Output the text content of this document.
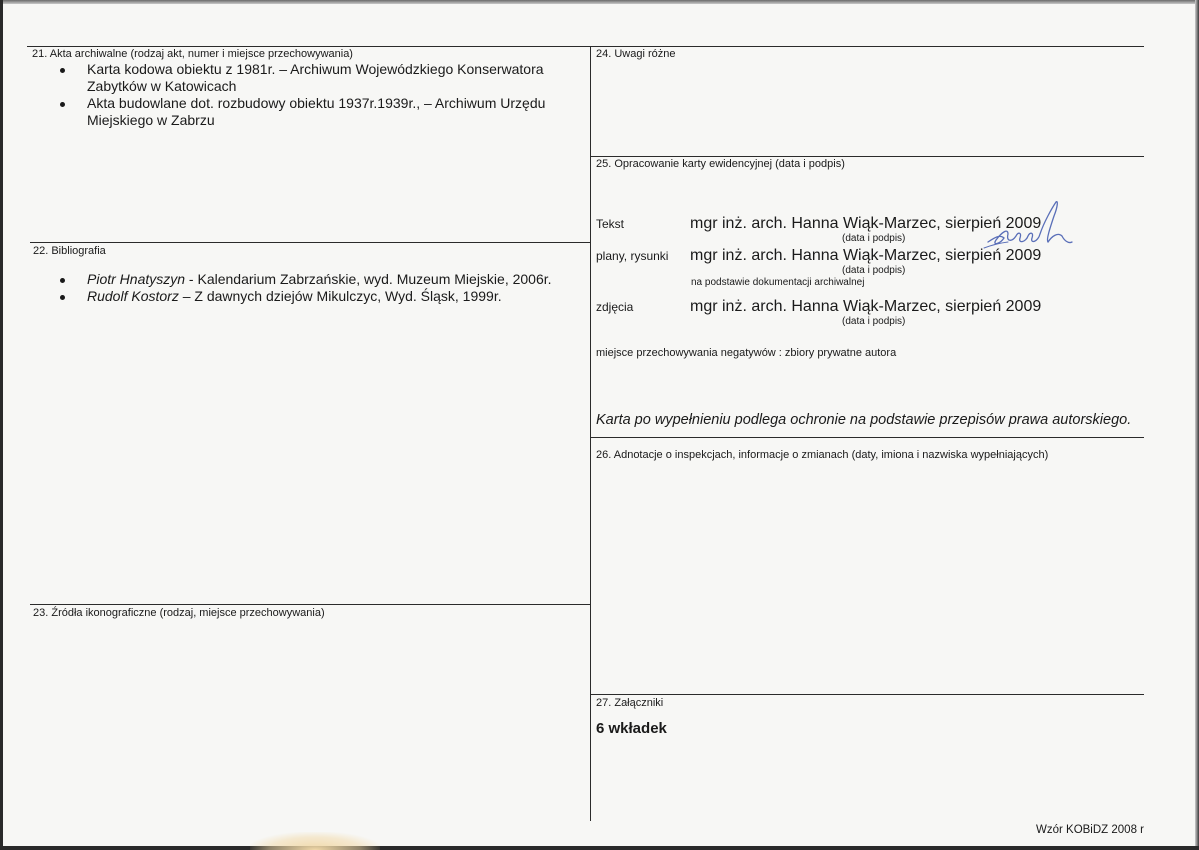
21. Akta archiwalne (rodzaj akt, numer i miejsce przechowywania)
Karta kodowa obiektu z 1981r. – Archiwum Wojewódzkiego Konserwatora
Zabytków w Katowicach
Akta budowlane dot. rozbudowy obiektu 1937r.1939r., – Archiwum Urzędu
Miejskiego w Zabrzu
22. Bibliografia
Piotr Hnatyszyn - Kalendarium Zabrzańskie, wyd. Muzeum Miejskie, 2006r.
Rudolf Kostorz – Z dawnych dziejów Mikulczyc, Wyd. Śląsk, 1999r.
23. Źródła ikonograficzne (rodzaj, miejsce przechowywania)
24. Uwagi różne
25. Opracowanie karty ewidencyjnej (data i podpis)
Tekst	mgr inż. arch. Hanna Wiąk-Marzec, sierpień 2009
(data i podpis)
plany, rysunki mgr inż. arch. Hanna Wiąk-Marzec, sierpień 2009
(data i podpis)
na podstawie dokumentacji archiwalnej
zdjęcia	mgr inż. arch. Hanna Wiąk-Marzec, sierpień 2009
(data i podpis)
miejsce przechowywania negatywów : zbiory prywatne autora
Karta po wypełnieniu podlega ochronie na podstawie przepisów prawa autorskiego.
26. Adnotacje o inspekcjach, informacje o zmianach (daty, imiona i nazwiska wypełniających)
27. Załączniki
6 wkładek
Wzór KOBiDZ 2008 r
